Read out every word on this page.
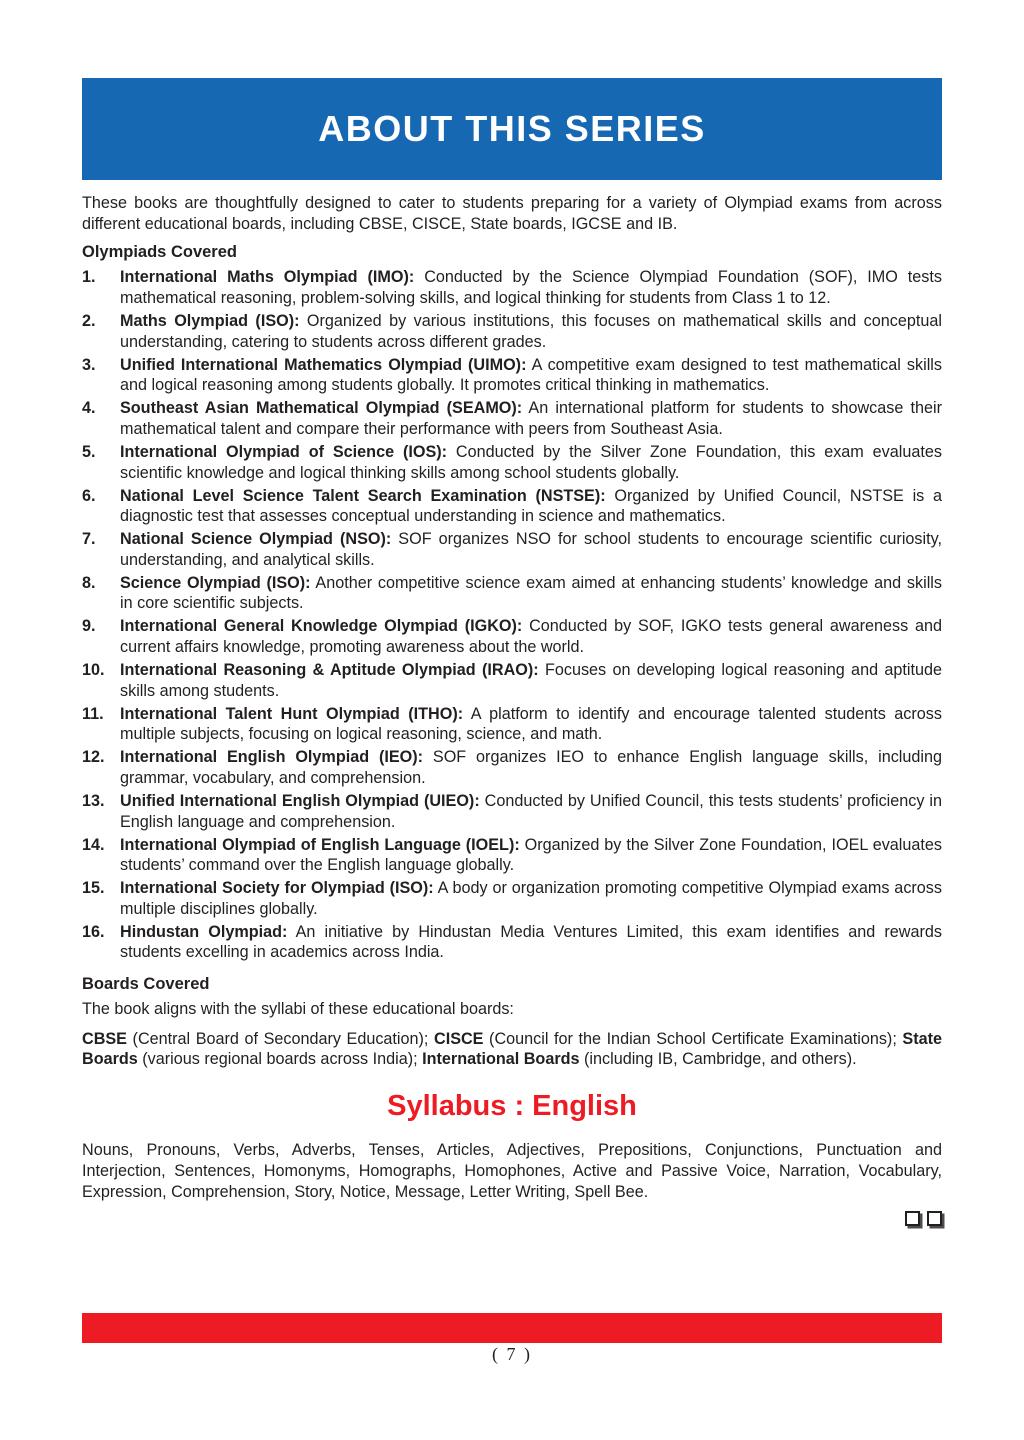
ABOUT THIS SERIES

These books are thoughtfully designed to cater to students preparing for a variety of Olympiad exams from across different educational boards, including CBSE, CISCE, State boards, IGCSE and IB.

Olympiads Covered
1.	International Maths Olympiad (IMO): Conducted by the Science Olympiad Foundation (SOF), IMO tests mathematical reasoning, problem-solving skills, and logical thinking for students from Class 1 to 12.
2.	Maths Olympiad (ISO): Organized by various institutions, this focuses on mathematical skills and conceptual understanding, catering to students across different grades.
3.	Unified International Mathematics Olympiad (UIMO): A competitive exam designed to test mathematical skills and logical reasoning among students globally. It promotes critical thinking in mathematics.
4.	Southeast Asian Mathematical Olympiad (SEAMO): An international platform for students to showcase their mathematical talent and compare their performance with peers from Southeast Asia.
5.	International Olympiad of Science (IOS): Conducted by the Silver Zone Foundation, this exam evaluates scientific knowledge and logical thinking skills among school students globally.
6.	National Level Science Talent Search Examination (NSTSE): Organized by Unified Council, NSTSE is a diagnostic test that assesses conceptual understanding in science and mathematics.
7.	National Science Olympiad (NSO): SOF organizes NSO for school students to encourage scientific curiosity, understanding, and analytical skills.
8.	Science Olympiad (ISO): Another competitive science exam aimed at enhancing students’ knowledge and skills in core scientific subjects.
9.	International General Knowledge Olympiad (IGKO): Conducted by SOF, IGKO tests general awareness and current affairs knowledge, promoting awareness about the world.
10. International Reasoning & Aptitude Olympiad (IRAO): Focuses on developing logical reasoning and aptitude skills among students.
11.	International Talent Hunt Olympiad (ITHO): A platform to identify and encourage talented students across multiple subjects, focusing on logical reasoning, science, and math.
12. International English Olympiad (IEO): SOF organizes IEO to enhance English language skills, including grammar, vocabulary, and comprehension.
13. Unified International English Olympiad (UIEO): Conducted by Unified Council, this tests students’ proficiency in English language and comprehension.
14. International Olympiad of English Language (IOEL): Organized by the Silver Zone Foundation, IOEL evaluates students’ command over the English language globally.
15. International Society for Olympiad (ISO): A body or organization promoting competitive Olympiad exams across multiple disciplines globally.
16. Hindustan Olympiad: An initiative by Hindustan Media Ventures Limited, this exam identifies and rewards students excelling in academics across India.
Boards Covered

The book aligns with the syllabi of these educational boards:

CBSE (Central Board of Secondary Education); CISCE (Council for the Indian School Certificate Examinations); State Boards (various regional boards across India); International Boards (including IB, Cambridge, and others).

Syllabus : English

Nouns, Pronouns, Verbs, Adverbs, Tenses, Articles, Adjectives, Prepositions, Conjunctions, Punctuation and Interjection, Sentences, Homonyms, Homographs, Homophones, Active and Passive Voice, Narration, Vocabulary, Expression, Comprehension, Story, Notice, Message, Letter Writing, Spell Bee.

( 7 )
